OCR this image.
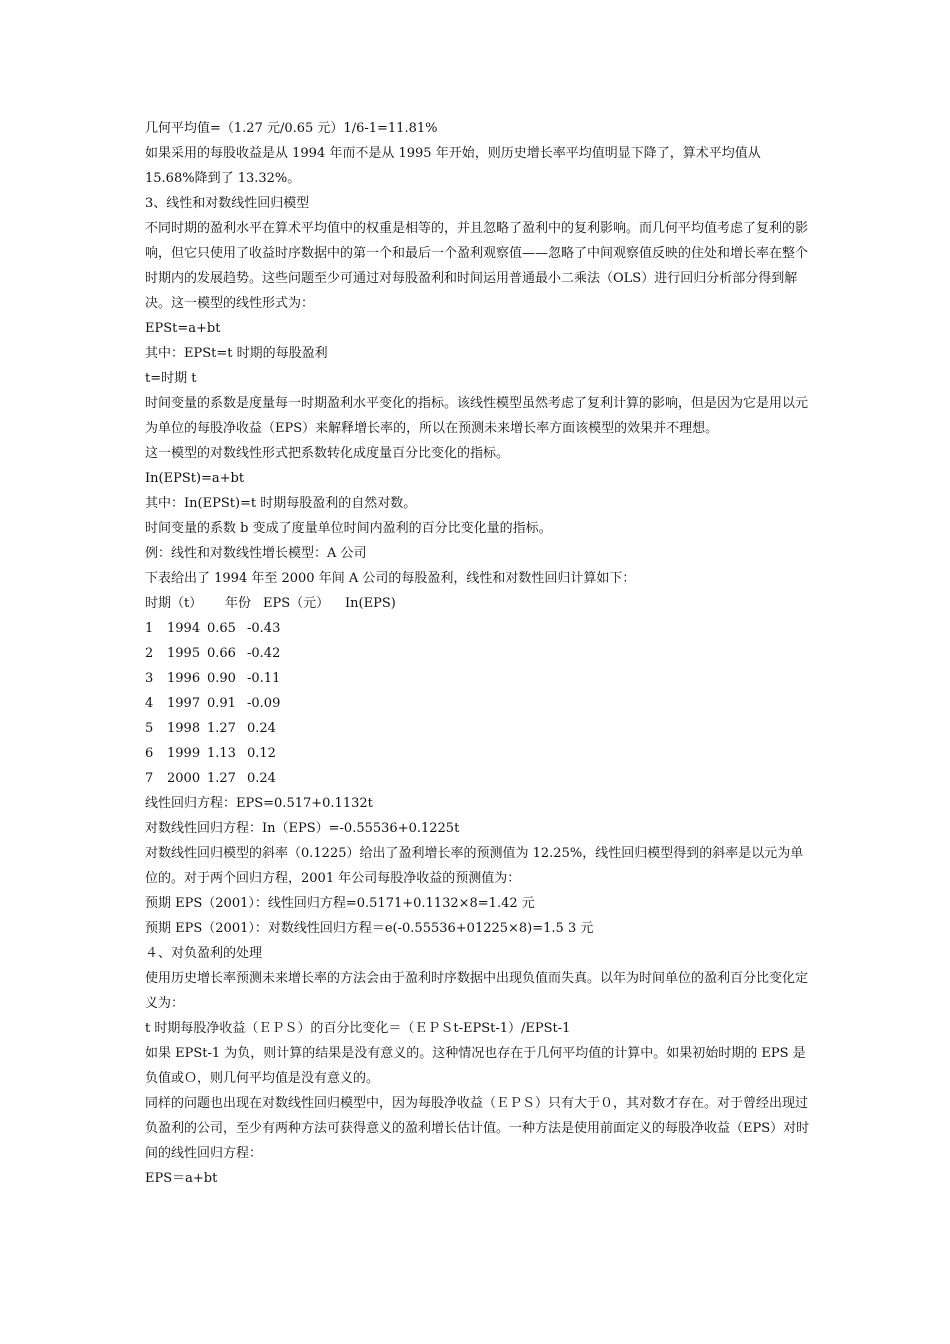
几何平均值=（1.27 元/0.65 元）1/6-1=11.81%
如果采用的每股收益是从 1994 年而不是从 1995 年开始，则历史增长率平均值明显下降了，算术平均值从15.68%降到了 13.32%。
3、线性和对数线性回归模型
不同时期的盈利水平在算术平均值中的权重是相等的，并且忽略了盈利中的复利影响。而几何平均值考虑了复利的影响，但它只使用了收益时序数据中的第一个和最后一个盈利观察值——忽略了中间观察值反映的住处和增长率在整个时期内的发展趋势。这些问题至少可通过对每股盈利和时间运用普通最小二乘法（OLS）进行回归分析部分得到解决。这一模型的线性形式为：
EPSt=a+bt
其中：EPSt=t 时期的每股盈利
t=时期 t
时间变量的系数是度量每一时期盈利水平变化的指标。该线性模型虽然考虑了复利计算的影响，但是因为它是用以元为单位的每股净收益（EPS）来解释增长率的，所以在预测未来增长率方面该模型的效果并不理想。
这一模型的对数线性形式把系数转化成度量百分比变化的指标。
In(EPSt)=a+bt
其中：In(EPSt)=t 时期每股盈利的自然对数。
时间变量的系数 b 变成了度量单位时间内盈利的百分比变化量的指标。
例：线性和对数线性增长模型：A 公司
下表给出了 1994 年至 2000 年间 A 公司的每股盈利，线性和对数性回归计算如下：
时期（t）	年份 EPS（元）	In(EPS)
1	1994 0.65 -0.43
2	1995 0.66 -0.42
3	1996 0.90 -0.11
4	1997 0.91 -0.09
5	1998 1.27 0.24
6	1999 1.13 0.12
7	2000 1.27 0.24
线性回归方程：EPS=0.517+0.1132t
对数线性回归方程：In（EPS）=-0.55536+0.1225t
对数线性回归模型的斜率（0.1225）给出了盈利增长率的预测值为 12.25%，线性回归模型得到的斜率是以元为单位的。对于两个回归方程，2001 年公司每股净收益的预测值为：
预期 EPS（2001）：线性回归方程=0.5171+0.1132×8=1.42 元
预期 EPS（2001）：对数线性回归方程＝e(-0.55536+01225×8)=1.5 3 元
４、对负盈利的处理
使用历史增长率预测未来增长率的方法会由于盈利时序数据中出现负值而失真。以年为时间单位的盈利百分比变化定义为：
t 时期每股净收益（ＥＰＳ）的百分比变化＝（ＥＰＳt-EPSt-1）/EPSt-1
如果 EPSt-1 为负，则计算的结果是没有意义的。这种情况也存在于几何平均值的计算中。如果初始时期的 EPS 是负值或Ｏ，则几何平均值是没有意义的。
同样的问题也出现在对数线性回归模型中，因为每股净收益（ＥＰＳ）只有大于０，其对数才存在。对于曾经出现过负盈利的公司，至少有两种方法可获得意义的盈利增长估计值。一种方法是使用前面定义的每股净收益（EPS）对时间的线性回归方程：
EPS＝a+bt
